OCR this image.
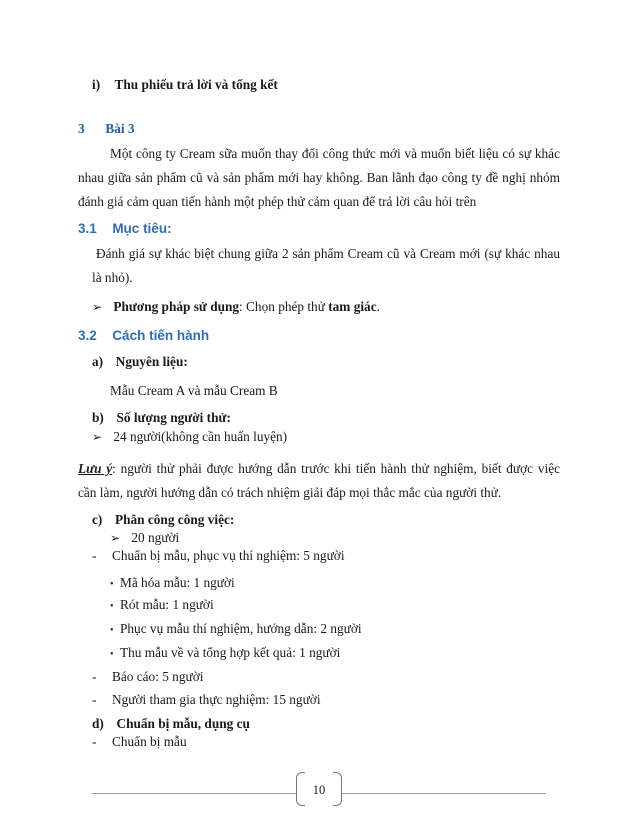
i) Thu phiếu trả lời và tổng kết
3 Bài 3
Một công ty Cream sữa muốn thay đổi công thức mới và muốn biết liệu có sự khác
nhau giữa sản phẩm cũ và sản phẩm mới hay không. Ban lãnh đạo công ty đề nghị nhóm
đánh giá cảm quan tiến hành một phép thử cảm quan để trả lời câu hỏi trên
3.1 Mục tiêu:
Đánh giá sự khác biệt chung giữa 2 sản phẩm Cream cũ và Cream mới (sự khác nhau
là nhỏ).
➢ Phương pháp sử dụng: Chọn phép thử tam giác.
3.2 Cách tiến hành
a) Nguyên liệu:
Mẫu Cream A và mẫu Cream B
b) Số lượng người thử:
➢ 24 người(không cần huấn luyện)
Lưu ý: người thử phải được hướng dẫn trước khi tiến hành thử nghiệm, biết được việc
cần làm, người hướng dẫn có trách nhiệm giải đáp mọi thắc mắc của người thử.
c) Phân công công việc:
➢ 20 người
- Chuẩn bị mẫu, phục vụ thí nghiệm: 5 người
• Mã hóa mẫu: 1 người
• Rót mẫu: 1 người
• Phục vụ mẫu thí nghiệm, hướng dẫn: 2 người
• Thu mẫu về và tổng hợp kết quả: 1 người
- Báo cáo: 5 người
- Người tham gia thực nghiệm: 15 người
d) Chuẩn bị mẫu, dụng cụ
- Chuẩn bị mẫu
10
